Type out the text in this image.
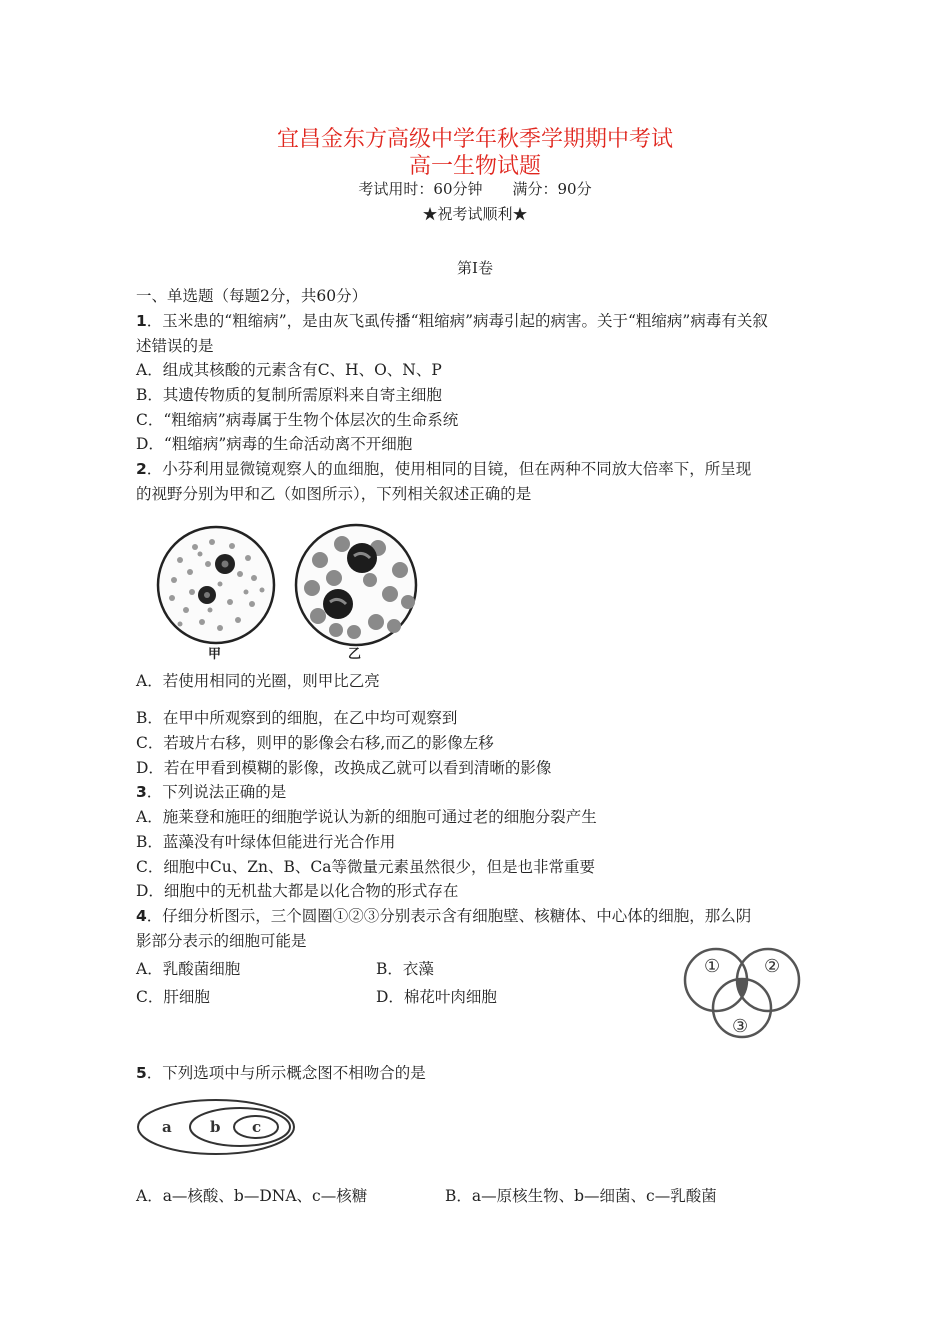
宜昌金东方高级中学年秋季学期期中考试
高一生物试题
考试用时：60分钟　　满分：90分
★祝考试顺利★
第Ⅰ卷
一、单选题（每题2分，共60分）
1．玉米患的“粗缩病”，是由灰飞虱传播“粗缩病”病毒引起的病害。关于“粗缩病”病毒有关叙
述错误的是
A．组成其核酸的元素含有C、H、O、N、P
B．其遗传物质的复制所需原料来自寄主细胞
C．“粗缩病”病毒属于生物个体层次的生命系统
D．“粗缩病”病毒的生命活动离不开细胞
2．小芬利用显微镜观察人的血细胞，使用相同的目镜，但在两种不同放大倍率下，所呈现
的视野分别为甲和乙（如图所示），下列相关叙述正确的是
甲	乙
A．若使用相同的光圈，则甲比乙亮
B．在甲中所观察到的细胞，在乙中均可观察到
C．若玻片右移，则甲的影像会右移,而乙的影像左移
D．若在甲看到模糊的影像，改换成乙就可以看到清晰的影像
3．下列说法正确的是
A．施莱登和施旺的细胞学说认为新的细胞可通过老的细胞分裂产生
B．蓝藻没有叶绿体但能进行光合作用
C．细胞中Cu、Zn、B、Ca等微量元素虽然很少，但是也非常重要
D．细胞中的无机盐大都是以化合物的形式存在
4．仔细分析图示，三个圆圈①②③分别表示含有细胞壁、核糖体、中心体的细胞，那么阴
影部分表示的细胞可能是
A．乳酸菌细胞	B．衣藻
C．肝细胞	D．棉花叶肉细胞
① ②
③
5．下列选项中与所示概念图不相吻合的是
a	b c
A．a—核酸、b—DNA、c—核糖	B．a—原核生物、b—细菌、c—乳酸菌
